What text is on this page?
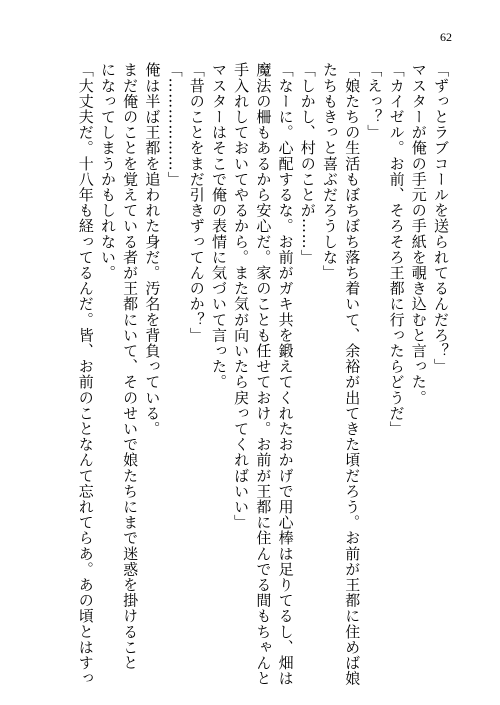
62
「ずっとラブコールを送られてるんだろ？」
マスターが俺の手元の手紙を覗き込むと言った。
「カイゼル。お前、そろそろ王都に行ったらどうだ」
「えっ？」
「娘たちの生活もぼちぼち落ち着いて、余裕が出てきた頃だろう。お前が王都に住めば娘
たちもきっと喜ぶだろうしな」
「しかし、村のことが……」
「なーに。心配するな。お前がガキ共を鍛えてくれたおかげで用心棒は足りてるし、畑は
魔法の柵もあるから安心だ。家のことも任せておけ。お前が王都に住んでる間もちゃんと
手入れしておいてやるから。また気が向いたら戻ってくればいい」
マスターはそこで俺の表情に気づいて言った。
「昔のことをまだ引きずってんのか？」
「………………」
俺は半ば王都を追われた身だ。汚名を背負っている。
まだ俺のことを覚えている者が王都にいて、そのせいで娘たちにまで迷惑を掛けること
になってしまうかもしれない。
「大丈夫だ。十八年も経ってるんだ。皆、お前のことなんて忘れてらあ。あの頃とはすっ
